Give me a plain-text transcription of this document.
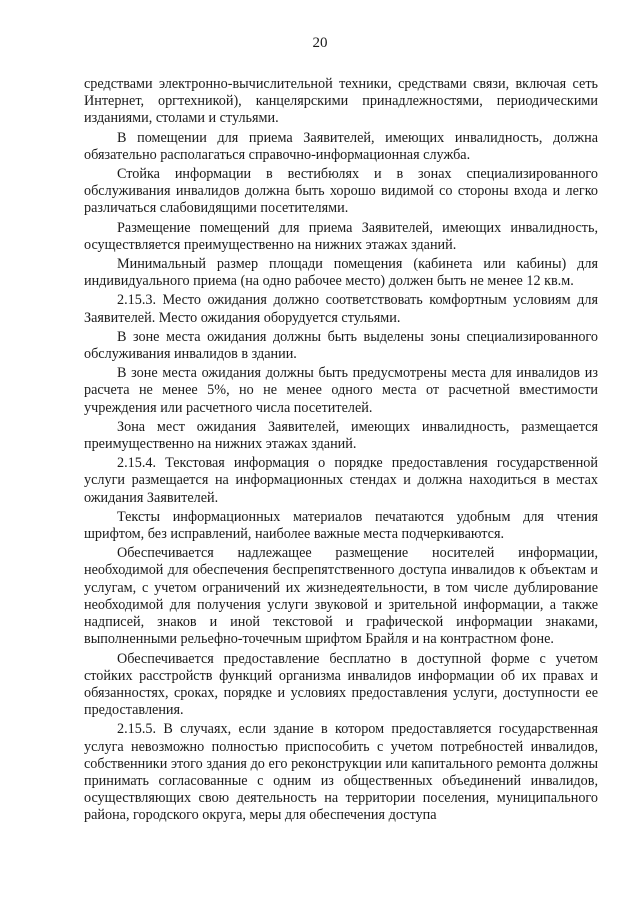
20

средствами электронно-вычислительной техники, средствами связи, включая сеть Интернет, оргтехникой), канцелярскими принадлежностями, периодическими изданиями, столами и стульями.

В помещении для приема Заявителей, имеющих инвалидность, должна обязательно располагаться справочно-информационная служба.

Стойка информации в вестибюлях и в зонах специализированного обслуживания инвалидов должна быть хорошо видимой со стороны входа и легко различаться слабовидящими посетителями.

Размещение помещений для приема Заявителей, имеющих инвалидность, осуществляется преимущественно на нижних этажах зданий.

Минимальный размер площади помещения (кабинета или кабины) для индивидуального приема (на одно рабочее место) должен быть не менее 12 кв.м.

2.15.3. Место ожидания должно соответствовать комфортным условиям для Заявителей. Место ожидания оборудуется стульями.

В зоне места ожидания должны быть выделены зоны специализированного обслуживания инвалидов в здании.

В зоне места ожидания должны быть предусмотрены места для инвалидов из расчета не менее 5%, но не менее одного места от расчетной вместимости учреждения или расчетного числа посетителей.

Зона мест ожидания Заявителей, имеющих инвалидность, размещается преимущественно на нижних этажах зданий.

2.15.4. Текстовая информация о порядке предоставления государственной услуги размещается на информационных стендах и должна находиться в местах ожидания Заявителей.

Тексты информационных материалов печатаются удобным для чтения шрифтом, без исправлений, наиболее важные места подчеркиваются.

Обеспечивается надлежащее размещение носителей информации, необходимой для обеспечения беспрепятственного доступа инвалидов к объектам и услугам, с учетом ограничений их жизнедеятельности, в том числе дублирование необходимой для получения услуги звуковой и зрительной информации, а также надписей, знаков и иной текстовой и графической информации знаками, выполненными рельефно-точечным шрифтом Брайля и на контрастном фоне.

Обеспечивается предоставление бесплатно в доступной форме с учетом стойких расстройств функций организма инвалидов информации об их правах и обязанностях, сроках, порядке и условиях предоставления услуги, доступности ее предоставления.

2.15.5. В случаях, если здание в котором предоставляется государственная услуга невозможно полностью приспособить с учетом потребностей инвалидов, собственники этого здания до его реконструкции или капитального ремонта должны принимать согласованные с одним из общественных объединений инвалидов, осуществляющих свою деятельность на территории поселения, муниципального района, городского округа, меры для обеспечения доступа
